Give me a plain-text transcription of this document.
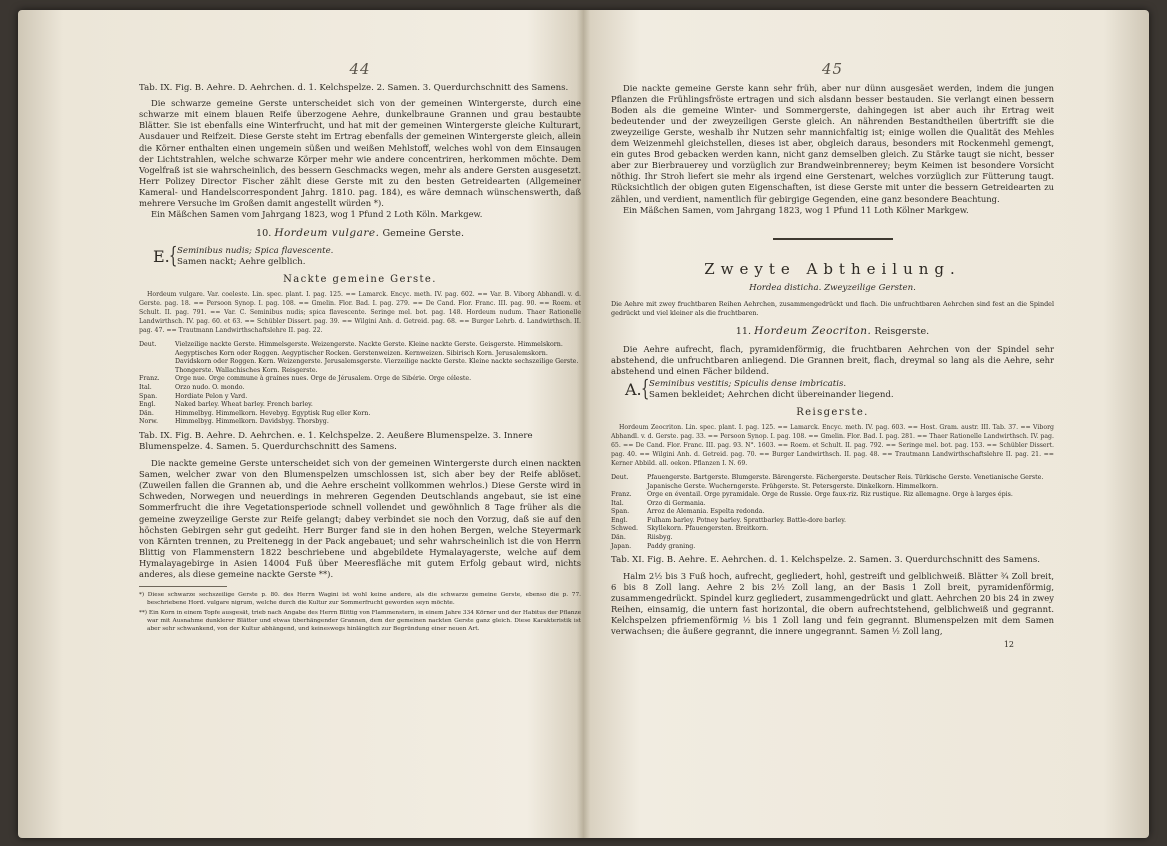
44

Tab. IX. Fig. B. Aehre. D. Aehrchen. d. 1. Kelchspelze. 2. Samen. 3. Querdurchschnitt des Samens.

Die schwarze gemeine Gerste unterscheidet sich von der gemeinen Wintergerste, durch eine schwarze mit einem blauen Reife überzogene Aehre, dunkelbraune Grannen und grau bestaubte Blätter. Sie ist ebenfalls eine Winterfrucht, und hat mit der gemeinen Wintergerste gleiche Kulturart, Ausdauer und Reifzeit. Diese Gerste steht im Ertrag ebenfalls der gemeinen Wintergerste gleich, allein die Körner enthalten einen ungemein süßen und weißen Mehlstoff, welches wohl von dem Einsaugen der Lichtstrahlen, welche schwarze Körper mehr wie andere concentriren, herkommen möchte. Dem Vogelfraß ist sie wahrscheinlich, des bessern Geschmacks wegen, mehr als andere Gersten ausgesetzt. Herr Polizey Director Fischer zählt diese Gerste mit zu den besten Getreidearten (Allgemeiner Kameral- und Handelscorrespondent Jahrg. 1810. pag. 184), es wäre demnach wünschenswerth, daß mehrere Versuche im Großen damit angestellt würden *).

Ein Mäßchen Samen vom Jahrgang 1823, wog 1 Pfund 2 Loth Köln. Markgew.

10. Hordeum vulgare. Gemeine Gerste.
E. { Seminibus nudis; Spica flavescente.
Samen nackt; Aehre gelblich.
Nackte gemeine Gerste.

Hordeum vulgare. Var. coeleste. Lin. spec. plant. I. pag. 125. == Lamarck. Encyc. meth. IV. pag. 602. == Var. B. Viborg Abhandl. v. d. Gerste. pag. 18. == Persoon Synop. I. pag. 108. == Gmelin. Flor. Bad. I. pag. 279. == De Cand. Flor. Franc. III. pag. 90. == Roem. et Schult. II. pag. 791. == Var. C. Seminibus nudis; spica flavescente. Seringe mel. bot. pag. 148. Hordeum nudum. Thaer Rationelle Landwirthsch. IV. pag. 60. et 63. == Schübler Dissert. pag. 39. == Wilgini Anh. d. Getreid. pag. 68. == Burger Lehrb. d. Landwirthsch. II. pag. 47. == Trautmann Landwirthschaftslehre II. pag. 22.

Deut.	Vielzeilige nackte Gerste. Himmelsgerste. Weizengerste. Nackte Gerste. Kleine nackte Gerste. Geisgerste. Himmelskorn. Aegyptisches Korn oder Roggen. Aegyptischer Rocken. Gerstenweizen. Kernweizen. Sibirisch Korn. Jerusalemskorn. Davidskorn oder Roggen. Kern. Weizengerste. Jerusalemsgerste. Vierzeilige nackte Gerste. Kleine nackte sechszeilige Gerste. Thongerste. Wallachisches Korn. Reisgerste.
Franz.	Orge nue. Orge commune à graines nues. Orge de Jérusalem. Orge de Sibérie. Orge céleste.
Ital.	Orzo nudo. O. mondo.
Span.	Hordiate Pelon y Vard.
Engl.	Naked barley. Wheat barley. French barley.
Dän.	Himmelbyg. Himmelkorn. Hevebyg. Egyptisk Rug eller Korn.
Norw.	Himmelbyg. Himmelkorn. Davidsbyg. Thorsbyg.

Tab. IX. Fig. B. Aehre. D. Aehrchen. e. 1. Kelchspelze. 2. Aeußere Blumenspelze. 3. Innere Blumenspelze. 4. Samen. 5. Querdurchschnitt des Samens.

Die nackte gemeine Gerste unterscheidet sich von der gemeinen Wintergerste durch einen nackten Samen, welcher zwar von den Blumenspelzen umschlossen ist, sich aber bey der Reife ablöset. (Zuweilen fallen die Grannen ab, und die Aehre erscheint vollkommen wehrlos.) Diese Gerste wird in Schweden, Norwegen und neuerdings in mehreren Gegenden Deutschlands angebaut, sie ist eine Sommerfrucht die ihre Vegetationsperiode schnell vollendet und gewöhnlich 8 Tage früher als die gemeine zweyzeilige Gerste zur Reife gelangt; dabey verbindet sie noch den Vorzug, daß sie auf den höchsten Gebirgen sehr gut gedeiht. Herr Burger fand sie in den hohen Bergen, welche Steyermark von Kärnten trennen, zu Preitenegg in der Pack angebauet; und sehr wahrscheinlich ist die von Herrn Blittig von Flammenstern 1822 beschriebene und abgebildete Hymalayagerste, welche auf dem Hymalayagebirge in Asien 14004 Fuß über Meeresfläche mit gutem Erfolg gebaut wird, nichts anderes, als diese gemeine nackte Gerste **).

*) Diese schwarze sechszeilige Gerste p. 80. des Herrn Wagini ist wohl keine andere, als die schwarze gemeine Gerste, ebenso die p. 77. beschriebene Hord. vulgare nigrum, welche durch die Kultur zur Sommerfrucht geworden seyn möchte.

**) Ein Korn in einem Topfe ausgesät, trieb nach Angabe des Herrn Blittig von Flammenstern, in einem Jahre 334 Körner und der Habitus der Pflanze war mit Ausnahme dunklerer Blätter und etwas überhängender Grannen, dem der gemeinen nackten Gerste ganz gleich. Diese Karakteristik ist aber sehr schwankend, von der Kultur abhängend, und keineswegs hinlänglich zur Begründung einer neuen Art.

45

Die nackte gemeine Gerste kann sehr früh, aber nur dünn ausgesäet werden, indem die jungen Pflanzen die Frühlingsfröste ertragen und sich alsdann besser bestauden. Sie verlangt einen bessern Boden als die gemeine Winter- und Sommergerste, dahingegen ist aber auch ihr Ertrag weit bedeutender und der zweyzeiligen Gerste gleich. An nährenden Bestandtheilen übertrifft sie die zweyzeilige Gerste, weshalb ihr Nutzen sehr mannichfaltig ist; einige wollen die Qualität des Mehles dem Weizenmehl gleichstellen, dieses ist aber, obgleich daraus, besonders mit Rockenmehl gemengt, ein gutes Brod gebacken werden kann, nicht ganz demselben gleich. Zu Stärke taugt sie nicht, besser aber zur Bierbrauerey und vorzüglich zur Brandweinbrennerey; beym Keimen ist besondere Vorsicht nöthig. Ihr Stroh liefert sie mehr als irgend eine Gerstenart, welches vorzüglich zur Fütterung taugt. Rücksichtlich der obigen guten Eigenschaften, ist diese Gerste mit unter die bessern Getreidearten zu zählen, und verdient, namentlich für gebirgige Gegenden, eine ganz besondere Beachtung.

Ein Mäßchen Samen, vom Jahrgang 1823, wog 1 Pfund 11 Loth Kölner Markgew.

Zweyte Abtheilung.
Hordea disticha. Zweyzeilige Gersten.

Die Aehre mit zwey fruchtbaren Reihen Aehrchen, zusammengedrückt und flach. Die unfruchtbaren Aehrchen sind fest an die Spindel gedrückt und viel kleiner als die fruchtbaren.

11. Hordeum Zeocriton. Reisgerste.

Die Aehre aufrecht, flach, pyramidenförmig, die fruchtbaren Aehrchen von der Spindel sehr abstehend, die unfruchtbaren anliegend. Die Grannen breit, flach, dreymal so lang als die Aehre, sehr abstehend und einen Fächer bildend.

A. { Seminibus vestitis; Spiculis dense imbricatis.
Samen bekleidet; Aehrchen dicht übereinander liegend.
Reisgerste.

Hordeum Zeocriton. Lin. spec. plant. I. pag. 125. == Lamarck. Encyc. meth. IV. pag. 603. == Host. Gram. austr. III. Tab. 37. == Viborg Abhandl. v. d. Gerste. pag. 33. == Persoon Synop. I. pag. 108. == Gmelin. Flor. Bad. I. pag. 281. == Thaer Rationelle Landwirthsch. IV. pag. 65. == De Cand. Flor. Franc. III. pag. 93. N°. 1603. == Roem. et Schult. II. pag. 792. == Seringe mel. bot. pag. 153. == Schübler Dissert. pag. 40. == Wilgini Anh. d. Getreid. pag. 70. == Burger Landwirthsch. II. pag. 48. == Trautmann Landwirthschaftslehre II. pag. 21. == Kerner Abbild. all. oekon. Pflanzen I. N. 69.

Deut.	Pfauengerste. Bartgerste. Blumgerste. Bärengerste. Fächergerste. Deutscher Reis. Türkische Gerste. Venetianische Gerste. Japanische Gerste. Wucherngerste. Frühgerste. St. Petersgerste. Dinkelkorn. Himmelkorn.
Franz.	Orge en éventail. Orge pyramidale. Orge de Russie. Orge faux-riz. Riz rustique. Riz allemagne. Orge à larges épis.
Ital.	Orzo di Germania.
Span.	Arroz de Alemania. Espelta redonda.
Engl.	Fulham barley. Potney barley. Sprattbarley. Battle-dore barley.
Schwed.	Skyllekorn. Pfauengersten. Breitkorn.
Dän.	Riisbyg.
Japan.	Paddy graning.

Tab. XI. Fig. B. Aehre. E. Aehrchen. d. 1. Kelchspelze. 2. Samen. 3. Querdurchschnitt des Samens.

Halm 2½ bis 3 Fuß hoch, aufrecht, gegliedert, hohl, gestreift und gelblichweiß. Blätter ¾ Zoll breit, 6 bis 8 Zoll lang. Aehre 2 bis 2½ Zoll lang, an der Basis 1 Zoll breit, pyramidenförmig, zusammengedrückt. Spindel kurz gegliedert, zusammengedrückt und glatt. Aehrchen 20 bis 24 in zwey Reihen, einsamig, die untern fast horizontal, die obern aufrechtstehend, gelblichweiß und gegrannt. Kelchspelzen pfriemenförmig ½ bis 1 Zoll lang und fein gegrannt. Blumenspelzen mit dem Samen verwachsen; die äußere gegrannt, die innere ungegrannt. Samen ½ Zoll lang,

12
